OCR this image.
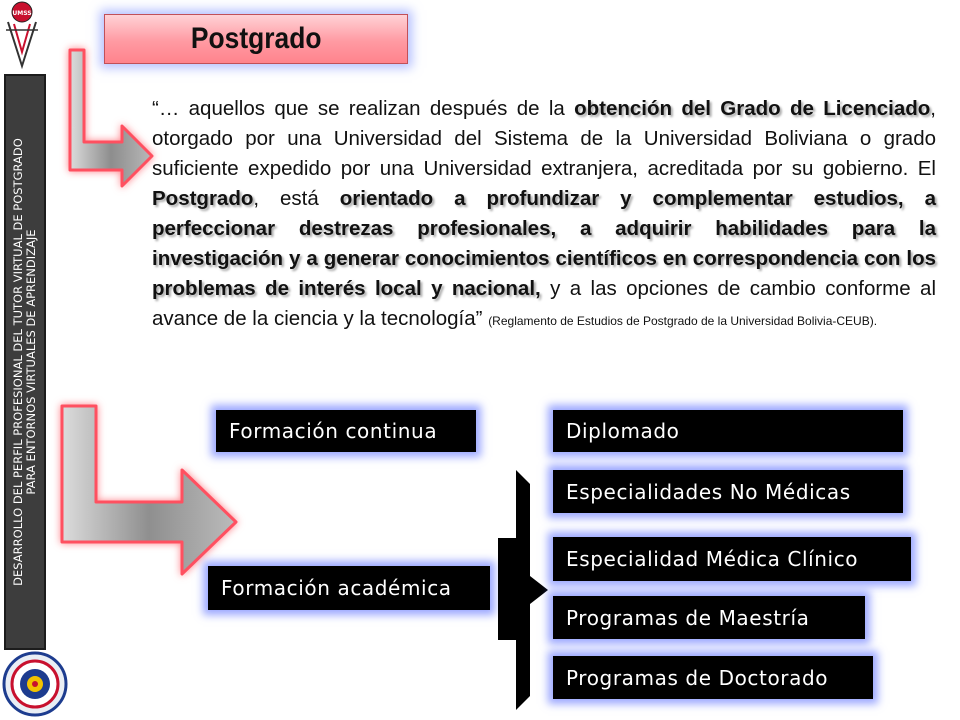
UMSS
DESARROLLO DEL PERFIL PROFESIONAL DEL TUTOR VIRTUAL DE POSTGRADO PARA ENTORNOS VIRTUALES DE APRENDIZAJE
Postgrado
“… aquellos que se realizan después de la obtención del Grado de Licenciado, otorgado por una Universidad del Sistema de la Universidad Boliviana o grado suficiente expedido por una Universidad extranjera, acreditada por su gobierno. El Postgrado, está orientado a profundizar y complementar estudios, a perfeccionar destrezas profesionales, a adquirir habilidades para la investigación y a generar conocimientos científicos en correspondencia con los problemas de interés local y nacional, y a las opciones de cambio conforme al avance de la ciencia y la tecnología” (Reglamento de Estudios de Postgrado de la Universidad Bolivia-CEUB).
Formación continua
Formación académica
Diplomado
Especialidades No Médicas
Especialidad Médica Clínico
Programas de Maestría
Programas de Doctorado
